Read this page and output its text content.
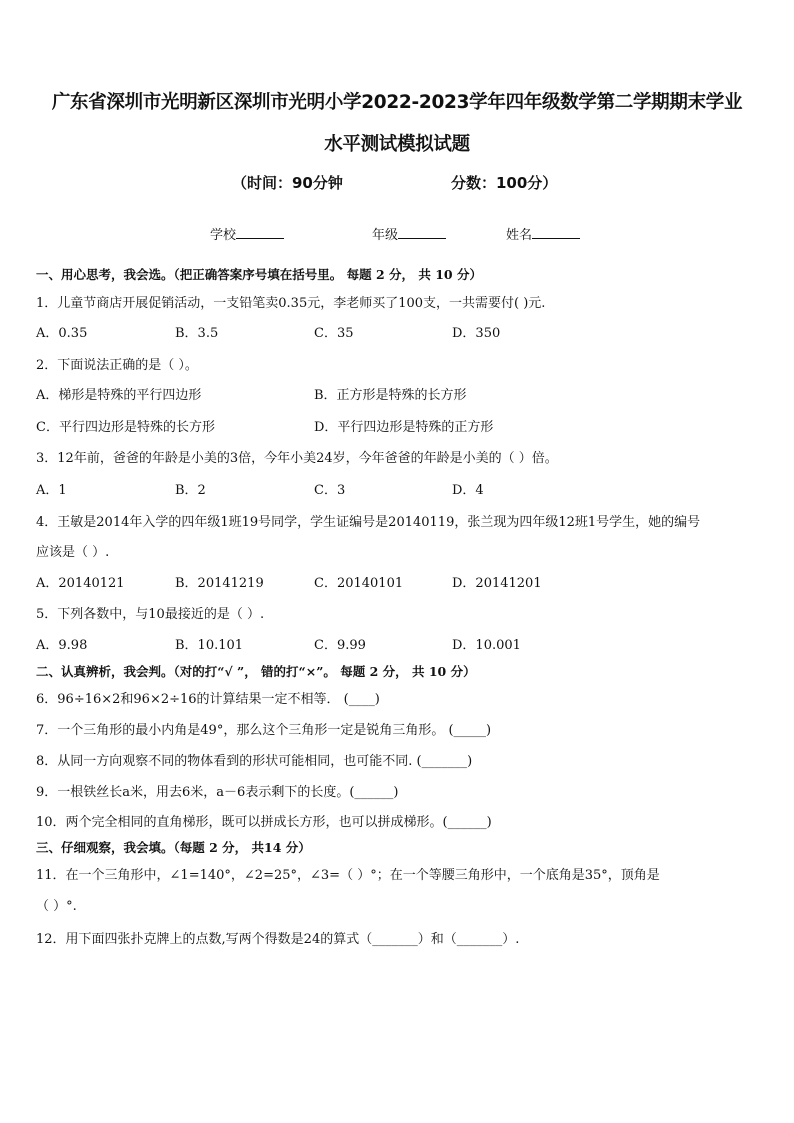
广东省深圳市光明新区深圳市光明小学2022-2023学年四年级数学第二学期期末学业
水平测试模拟试题
（时间：90分钟	分数：100分）
学校	年级	姓名
一、用心思考，我会选。（把正确答案序号填在括号里。 每题 2 分， 共 10 分）
1．儿童节商店开展促销活动，一支铅笔卖0.35元，李老师买了100支，一共需要付( )元.
A．0.35	B．3.5	C．35	D．350
2．下面说法正确的是（ ）。
A．梯形是特殊的平行四边形	B．正方形是特殊的长方形
C．平行四边形是特殊的长方形	D．平行四边形是特殊的正方形
3．12年前，爸爸的年龄是小美的3倍，今年小美24岁，今年爸爸的年龄是小美的（ ）倍。
A．1	B．2	C．3	D．4
4．王敏是2014年入学的四年级1班19号同学，学生证编号是20140119，张兰现为四年级12班1号学生，她的编号
应该是（ ）.
A．20140121	B．20141219	C．20140101	D．20141201
5．下列各数中，与10最接近的是（ ）.
A．9.98	B．10.101	C．9.99	D．10.001
二、认真辨析，我会判。（对的打“√ ”， 错的打“×”。 每题 2 分， 共 10 分）
6．96÷16×2和96×2÷16的计算结果一定不相等． (____)
7．一个三角形的最小内角是49°，那么这个三角形一定是锐角三角形。 (_____)
8．从同一方向观察不同的物体看到的形状可能相同，也可能不同. (_______)
9．一根铁丝长a米，用去6米，a－6表示剩下的长度。(______)
10．两个完全相同的直角梯形，既可以拼成长方形，也可以拼成梯形。(______)
三、仔细观察，我会填。（每题 2 分， 共14 分）
11．在一个三角形中，∠1=140°，∠2=25°，∠3=（ ）°；在一个等腰三角形中，一个底角是35°，顶角是
（ ）°.
12．用下面四张扑克牌上的点数,写两个得数是24的算式（_______）和（_______）.
